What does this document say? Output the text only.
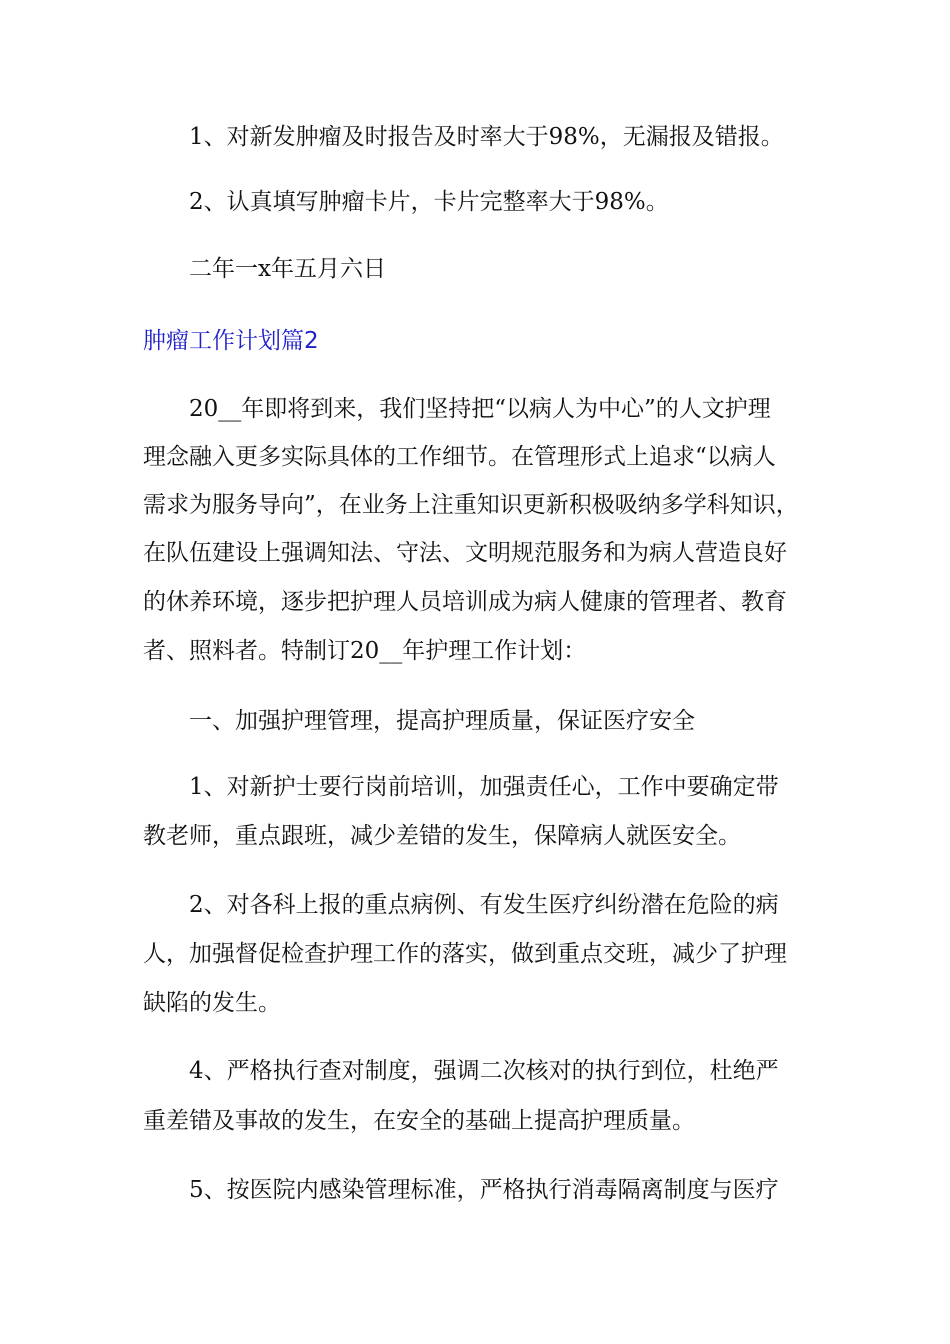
1、对新发肿瘤及时报告及时率大于98%，无漏报及错报。
2、认真填写肿瘤卡片，卡片完整率大于98%。
二年一x年五月六日
肿瘤工作计划篇2
20__年即将到来，我们坚持把“以病人为中心”的人文护理
理念融入更多实际具体的工作细节。在管理形式上追求“以病人
需求为服务导向”，在业务上注重知识更新积极吸纳多学科知识，
在队伍建设上强调知法、守法、文明规范服务和为病人营造良好
的休养环境，逐步把护理人员培训成为病人健康的管理者、教育
者、照料者。特制订20__年护理工作计划：
一、加强护理管理，提高护理质量，保证医疗安全
1、对新护士要行岗前培训，加强责任心，工作中要确定带
教老师，重点跟班，减少差错的发生，保障病人就医安全。
2、对各科上报的重点病例、有发生医疗纠纷潜在危险的病
人，加强督促检查护理工作的落实，做到重点交班，减少了护理
缺陷的发生。
4、严格执行查对制度，强调二次核对的执行到位，杜绝严
重差错及事故的发生，在安全的基础上提高护理质量。
5、按医院内感染管理标准，严格执行消毒隔离制度与医疗
